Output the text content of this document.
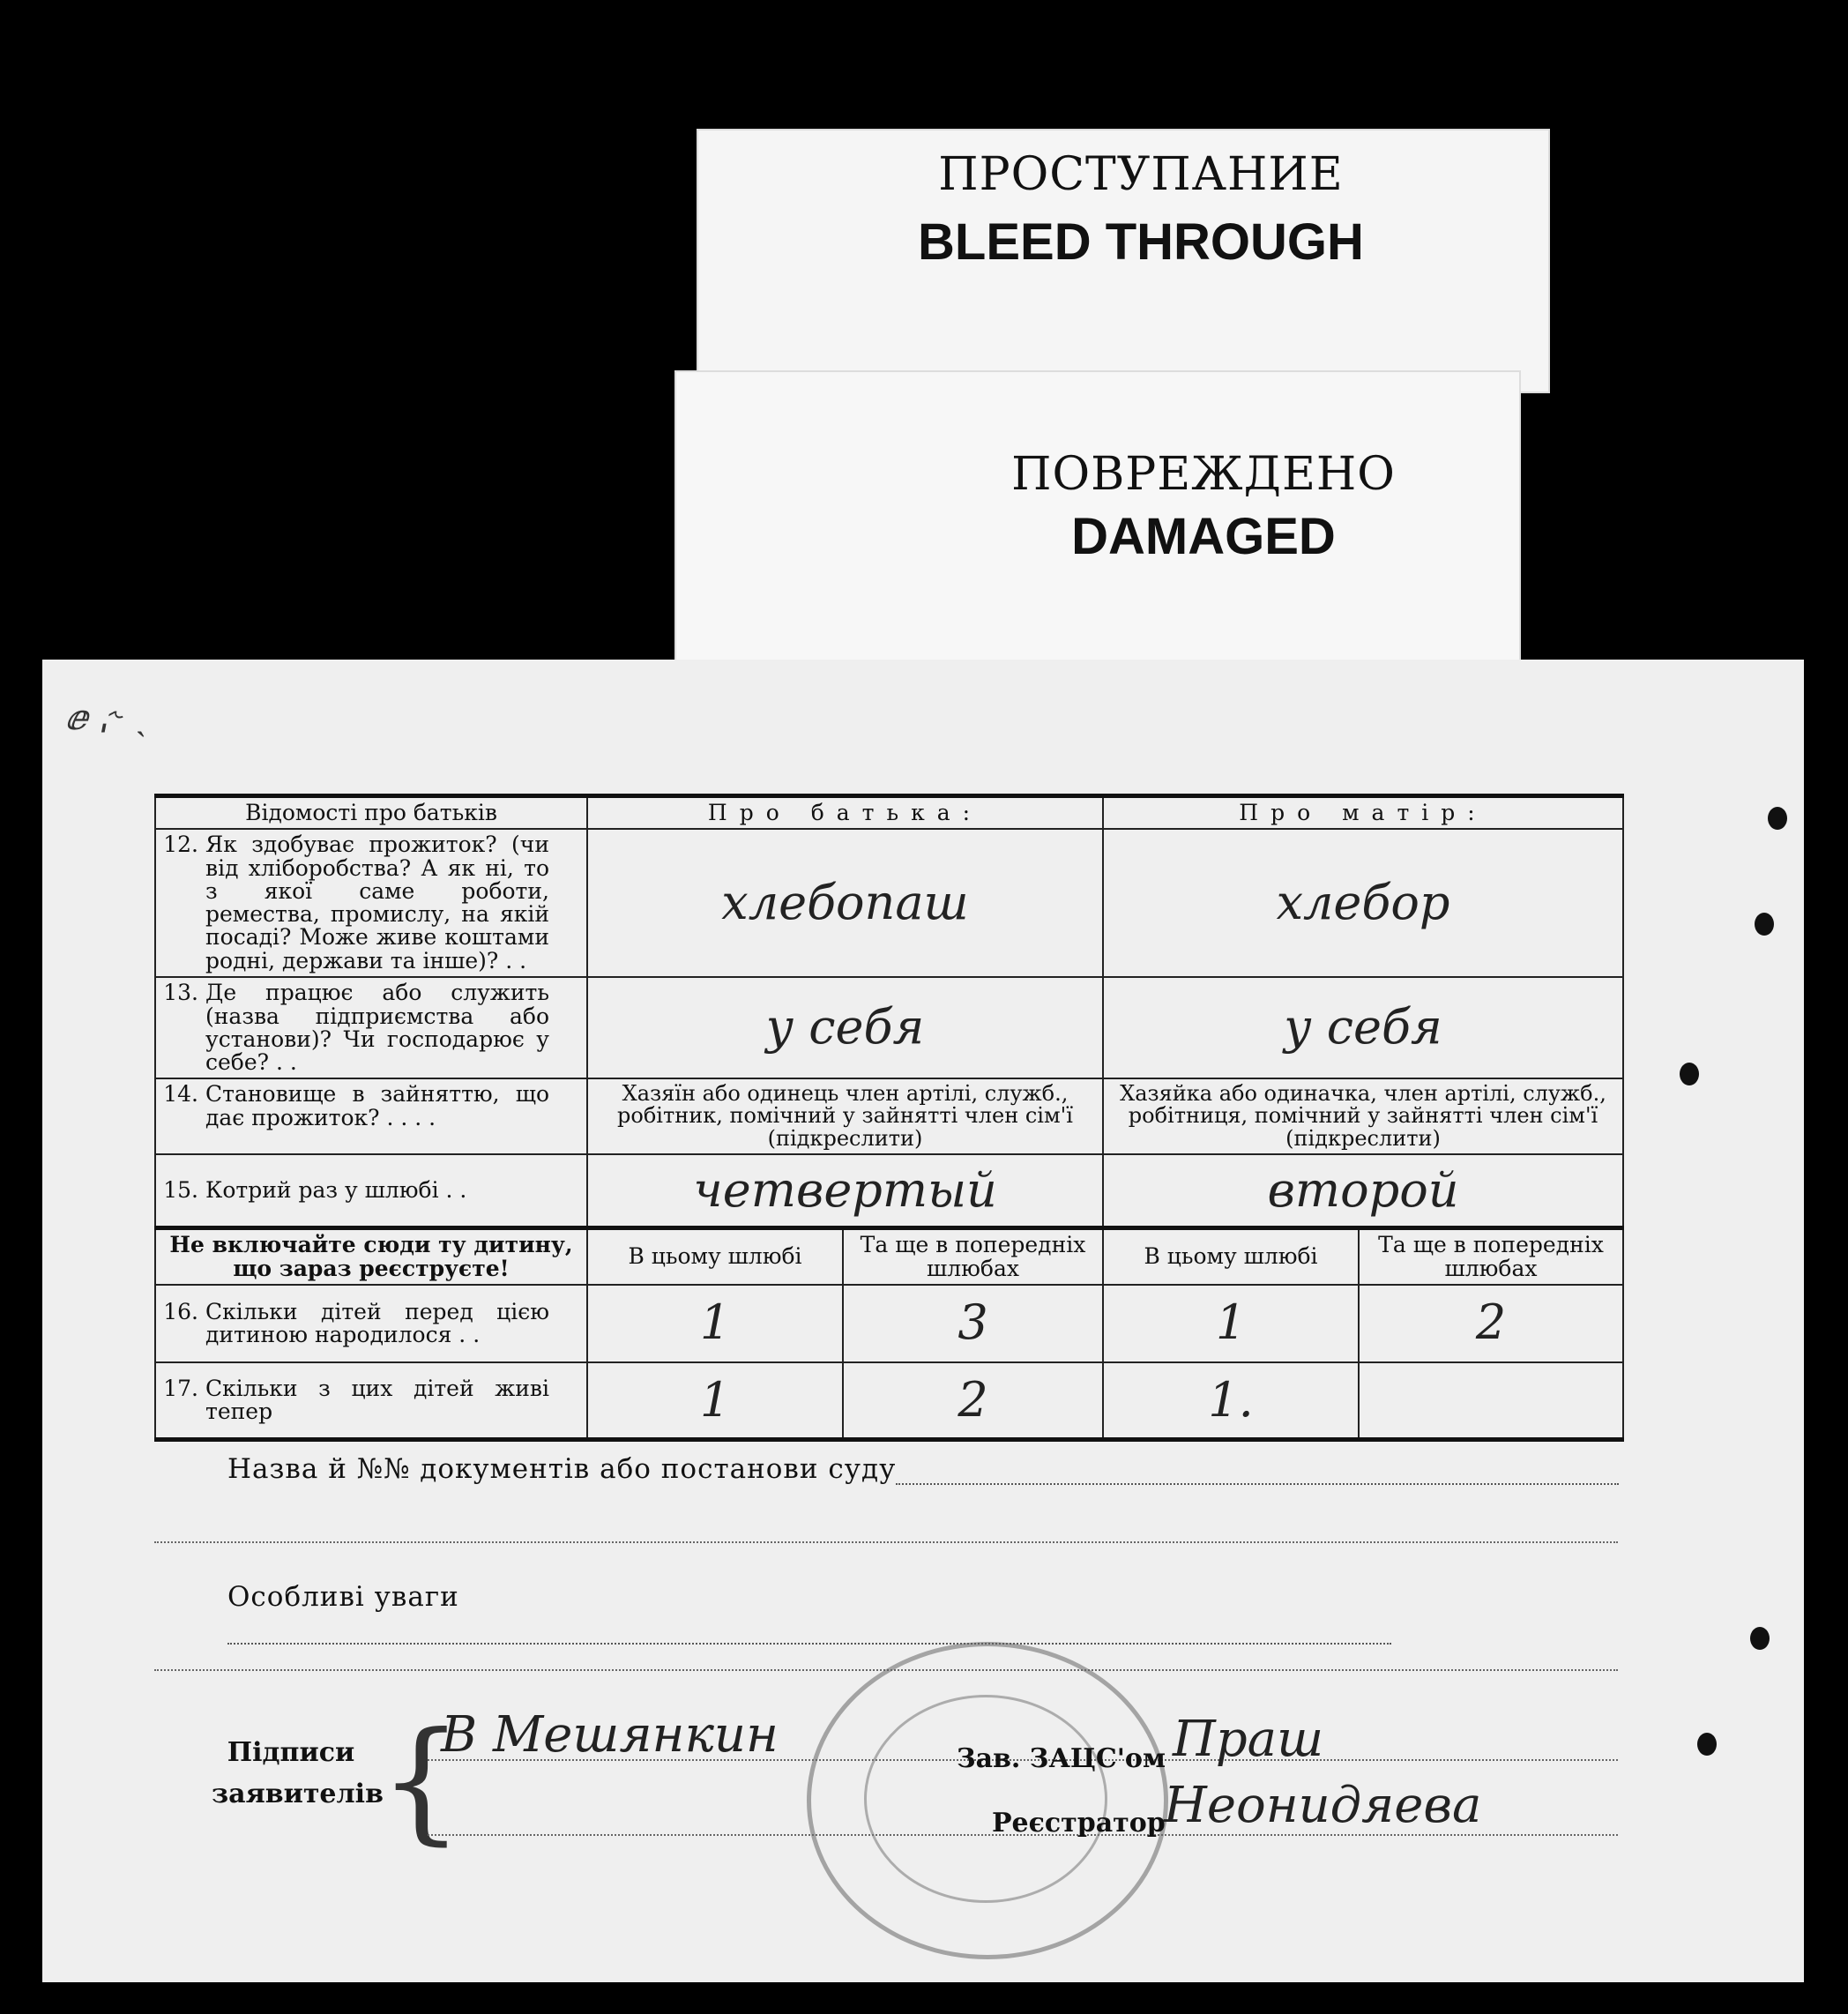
ПРОСТУПАНИЕ
BLEED THROUGH
ПОВРЕЖДЕНО
DAMAGED
ⅇ ˌ˞ ˎ
Відомості про батьків	Про батька:		Про матір:	
12. Як здобуває прожиток? (чи від хліборобства? А як ні, то з якої саме роботи, ремества, промислу, на якій посаді? Може живе коштами родні, держави та інше)? . .	хлебопаш		хлебор	
13. Де працює або служить (назва підприємства або установи)? Чи господарює у себе? . .	у себя		у себя	
14. Становище в зайняттю, що дає прожиток? . . . .	Хазяїн або одинець член артілі, служб., робітник, помічний у зайнятті член сім'ї (підкреслити)		Хазяйка або одиначка, член артілі, служб., робітниця, помічний у зайнятті член сім'ї (підкреслити)	
15. Котрий раз у шлюбі . .	четвертый		второй	
Не включайте сюди ту дитину, що зараз реєструєте!	В цьому шлюбі	Та ще в попередніх шлюбах	В цьому шлюбі	Та ще в попередніх шлюбах
16. Скільки дітей перед цією дитиною народилося . .	1	3	1	2
17. Скільки з цих дітей живі тепер	1	2	1.	
Назва й №№ документів або постанови суду
Особливі уваги
Підписи заявителів
{
В Мешянкин	Зав. ЗАЦС'ом Праш
Реєстратор
Неонидяева
